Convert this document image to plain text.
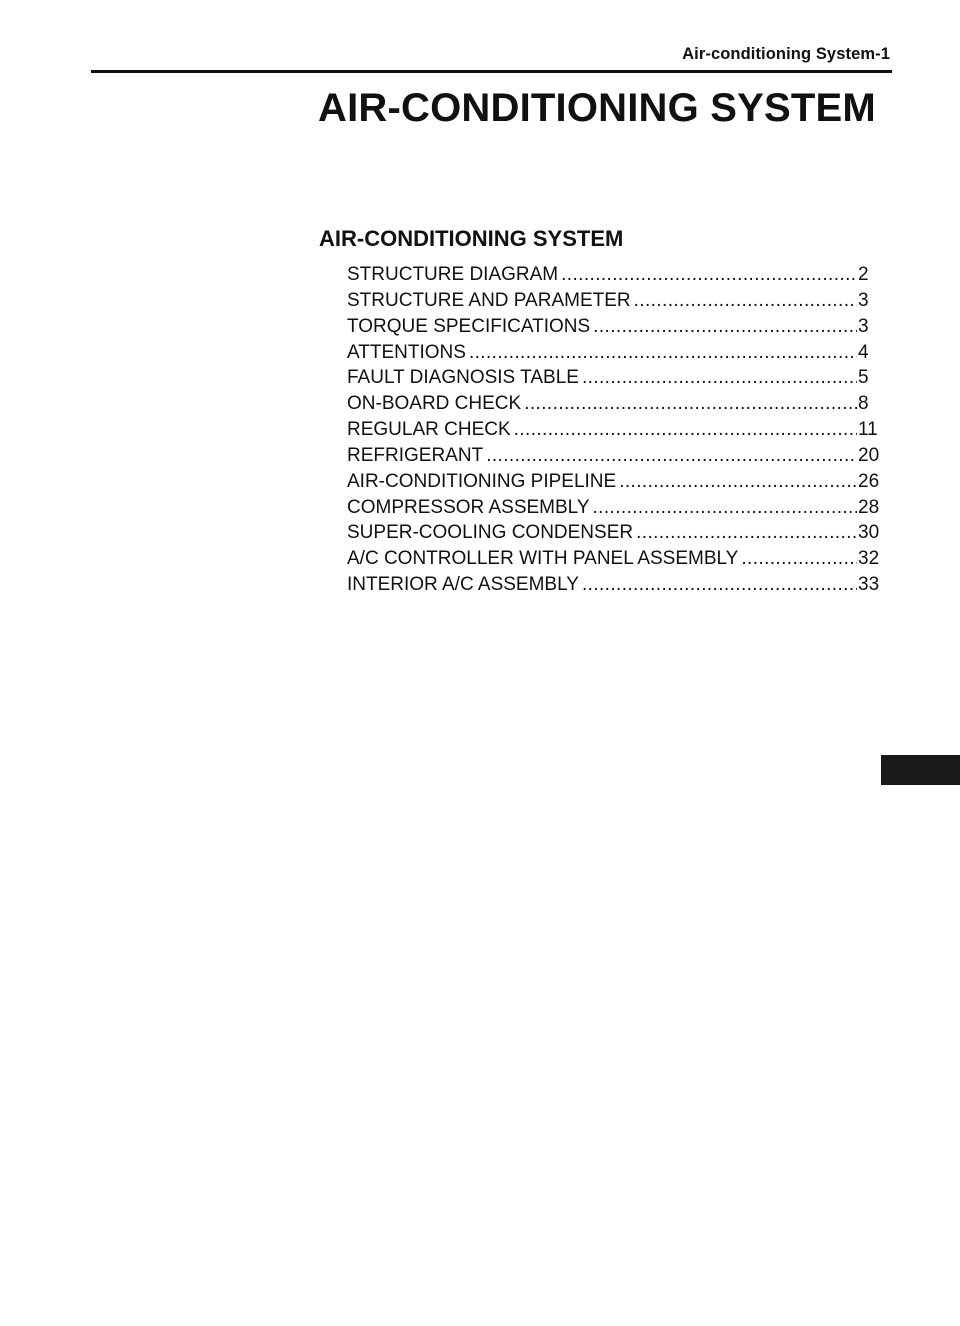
Air-conditioning System-1
AIR-CONDITIONING SYSTEM
AIR-CONDITIONING SYSTEM
STRUCTURE DIAGRAM .....	2
STRUCTURE AND PARAMETER .....	3
TORQUE SPECIFICATIONS .....	3
ATTENTIONS .....	4
FAULT DIAGNOSIS TABLE .....	5
ON-BOARD CHECK .....	8
REGULAR CHECK .....	11
REFRIGERANT .....	20
AIR-CONDITIONING PIPELINE .....	26
COMPRESSOR ASSEMBLY .....	28
SUPER-COOLING CONDENSER .....	30
A/C CONTROLLER WITH PANEL ASSEMBLY .....	32
INTERIOR A/C ASSEMBLY .....	33
